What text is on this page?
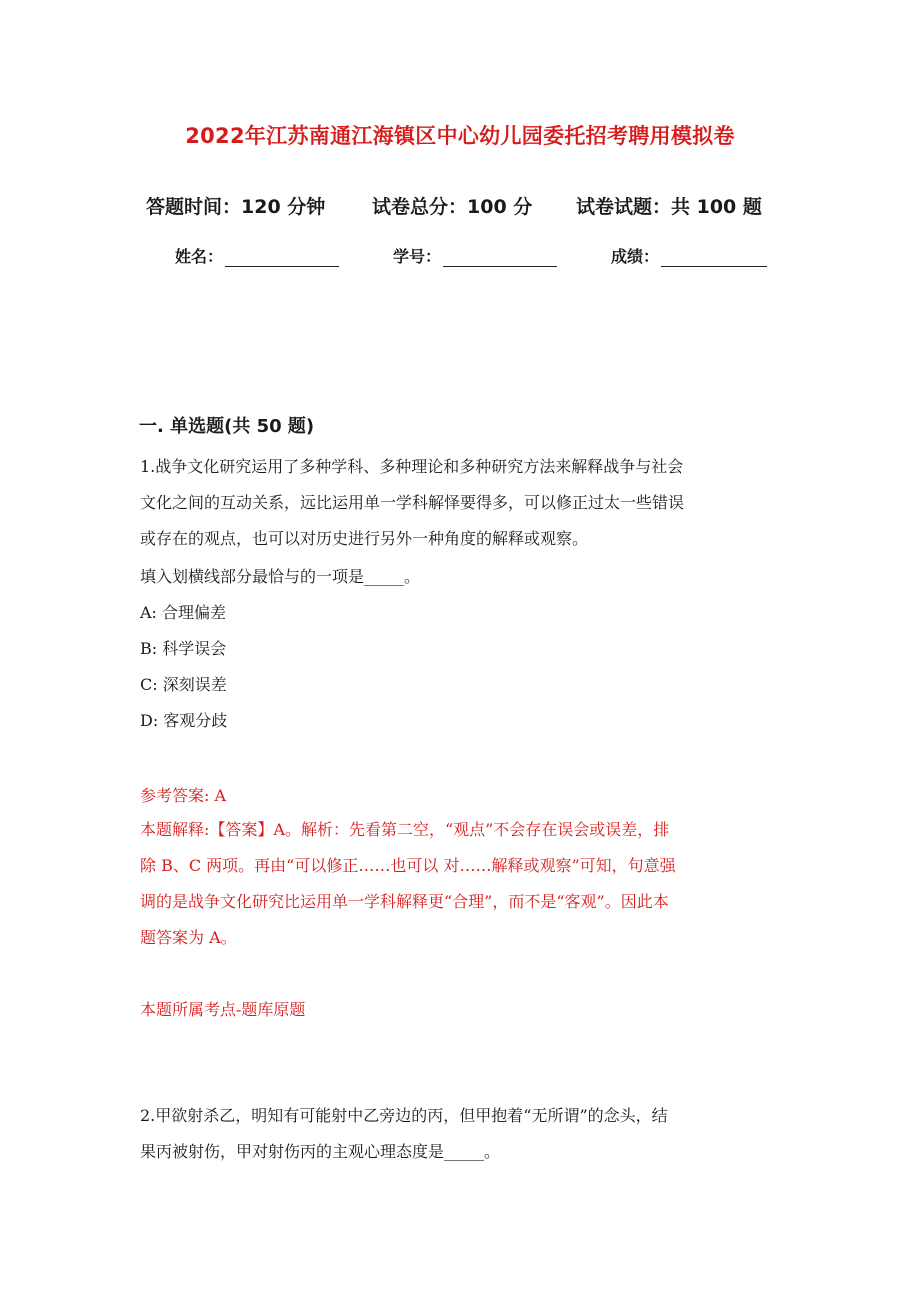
2022年江苏南通江海镇区中心幼儿园委托招考聘用模拟卷
答题时间：120 分钟 试卷总分：100 分 试卷试题：共 100 题
姓名：	学号：	成绩：
一. 单选题(共 50 题)
1.战争文化研究运用了多种学科、多种理论和多种研究方法来解释战争与社会
文化之间的互动关系，远比运用单一学科解怿要得多，可以修正过太一些错误
或存在的观点，也可以对历史进行另外一种角度的解释或观察。
填入划横线部分最恰与的一项是_____。
A: 合理偏差
B: 科学误会
C: 深刻误差
D: 客观分歧
参考答案: A
本题解释:【答案】A。解析：先看第二空，“观点”不会存在误会或误差，排
除 B、C 两项。再由“可以修正……也可以 对……解释或观察”可知，句意强
调的是战争文化研究比运用单一学科解释更“合理”，而不是“客观”。因此本
题答案为 A。
本题所属考点-题库原题
2.甲欲射杀乙，明知有可能射中乙旁边的丙，但甲抱着“无所谓”的念头，结
果丙被射伤，甲对射伤丙的主观心理态度是_____。
